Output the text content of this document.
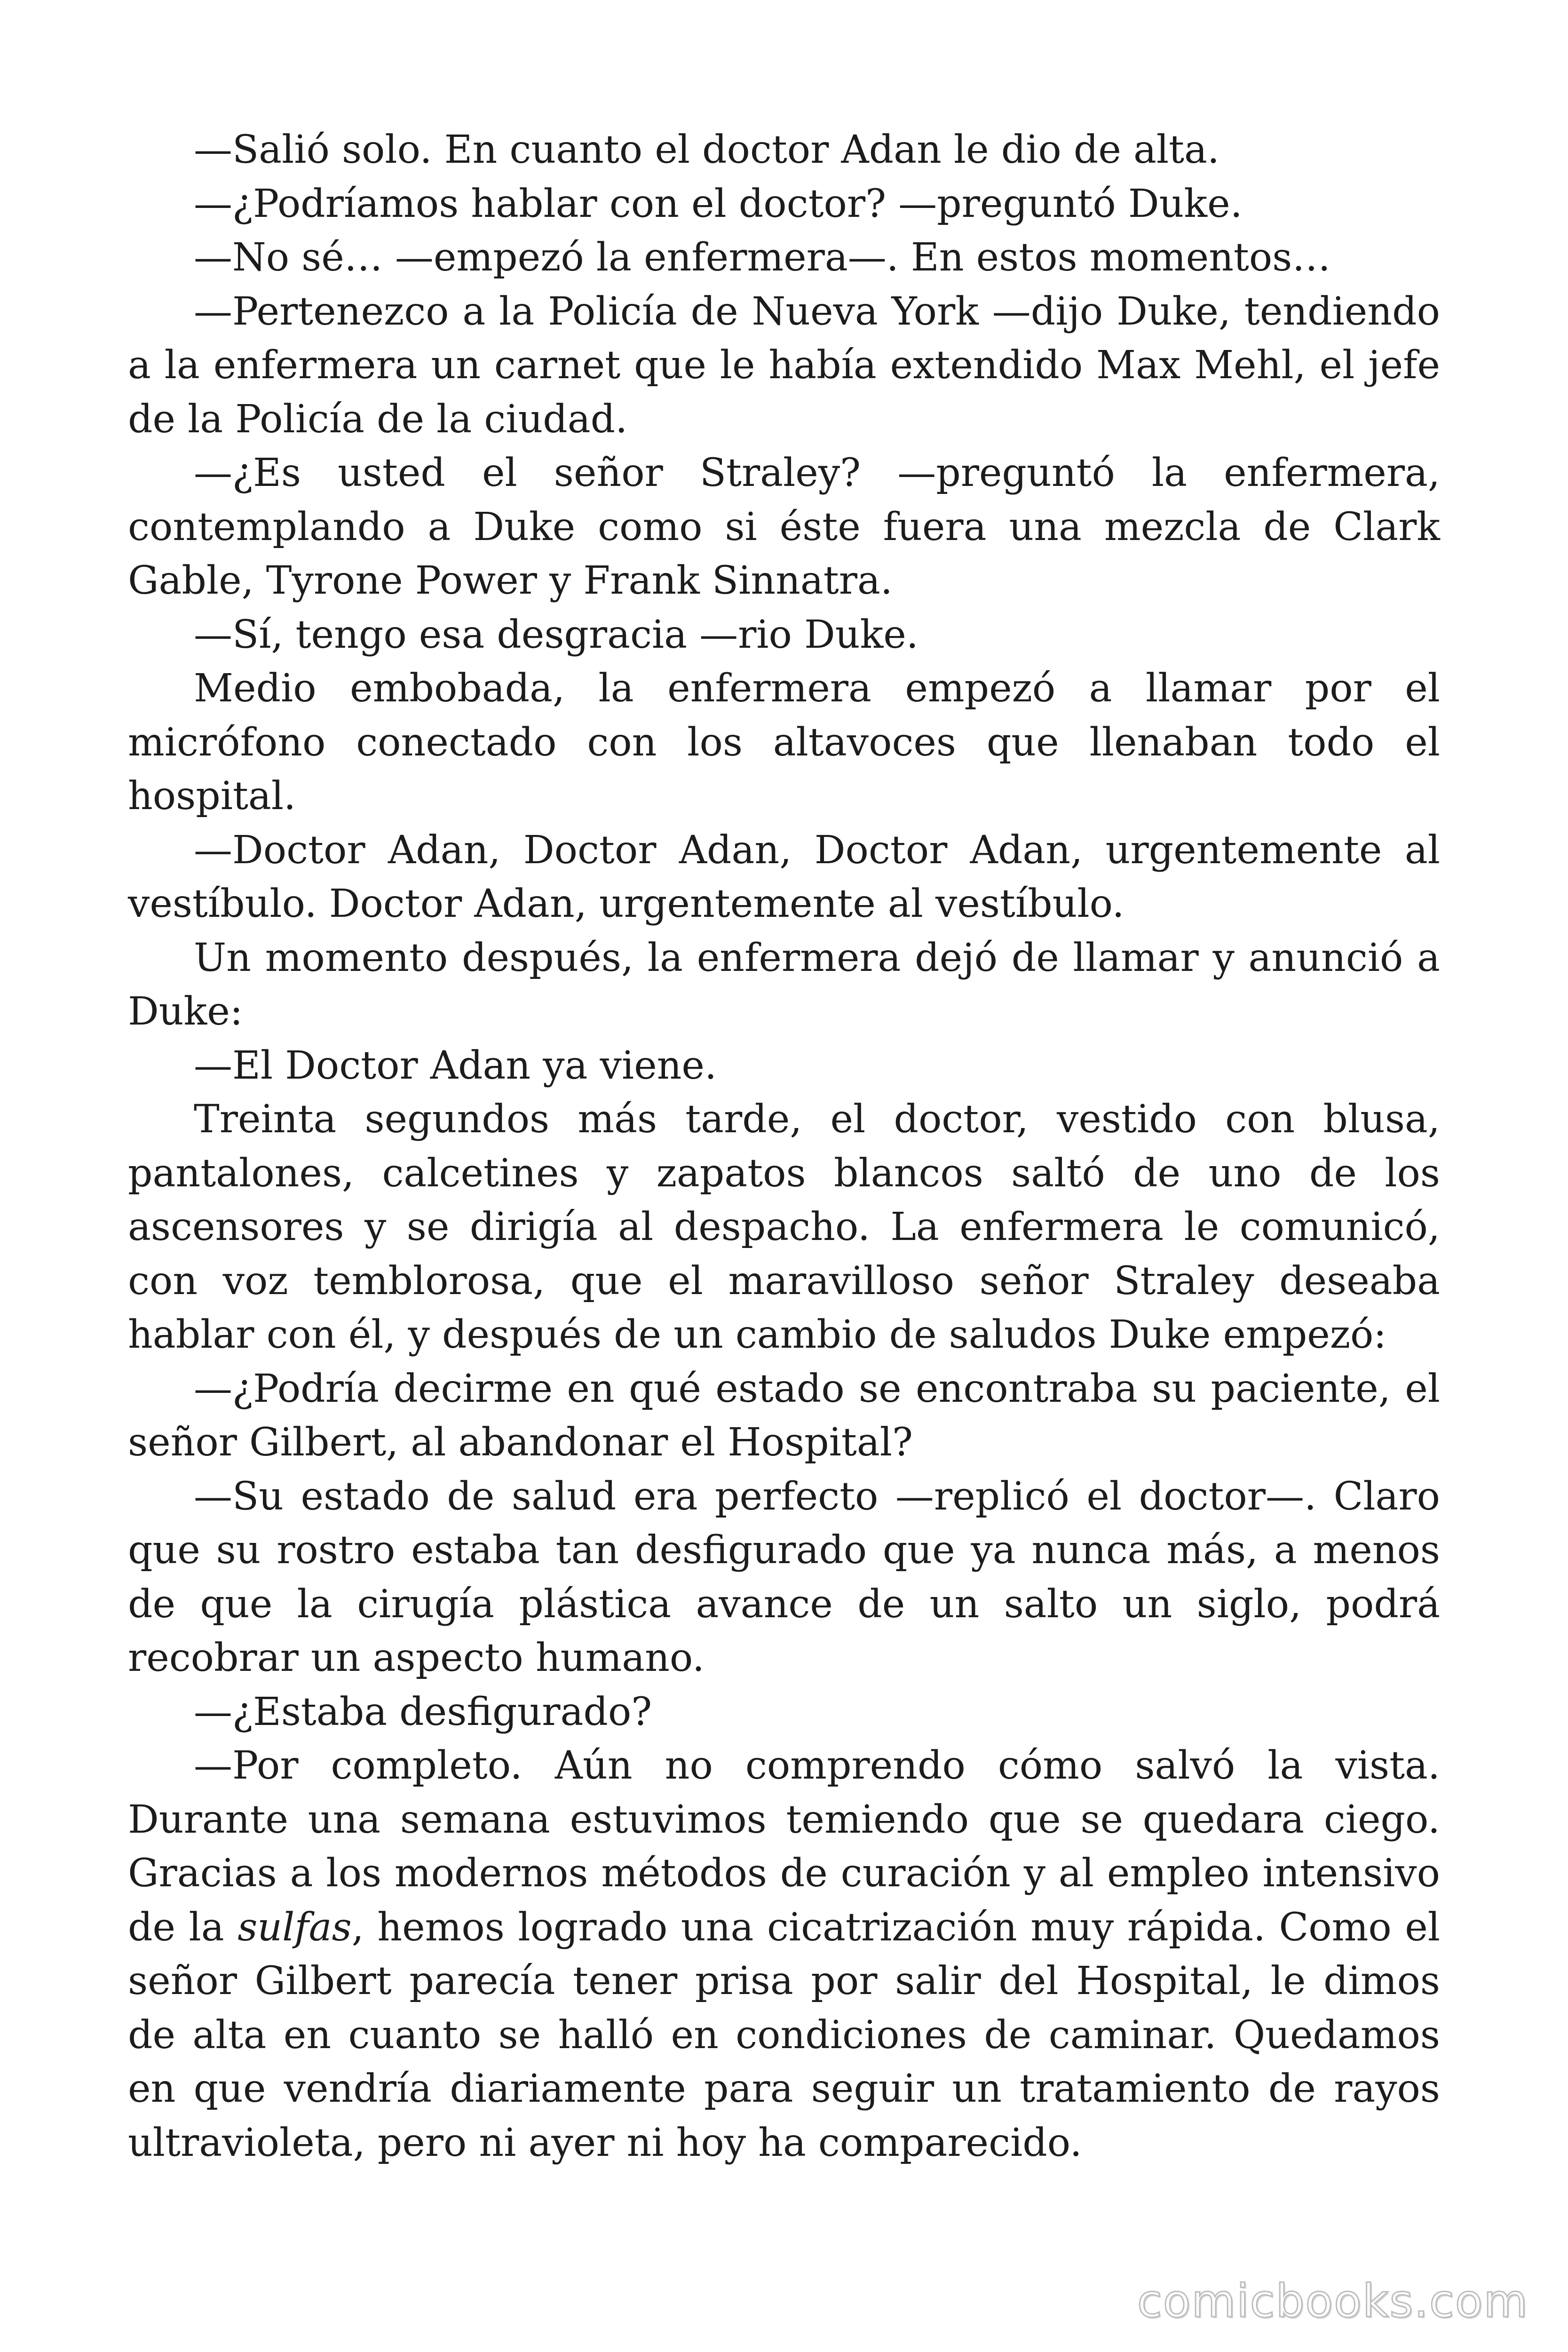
—Salió solo. En cuanto el doctor Adan le dio de alta.

—¿Podríamos hablar con el doctor? —preguntó Duke.

—No sé… —empezó la enfermera—. En estos momentos…

—Pertenezco a la Policía de Nueva York —dijo Duke, tendiendo a la enfermera un carnet que le había extendido Max Mehl, el jefe de la Policía de la ciudad.

—¿Es usted el señor Straley? —preguntó la enfermera, contemplando a Duke como si éste fuera una mezcla de Clark Gable, Tyrone Power y Frank Sinnatra.

—Sí, tengo esa desgracia —rio Duke.

Medio embobada, la enfermera empezó a llamar por el micrófono conectado con los altavoces que llenaban todo el hospital.

—Doctor Adan, Doctor Adan, Doctor Adan, urgentemente al vestíbulo. Doctor Adan, urgentemente al vestíbulo.

Un momento después, la enfermera dejó de llamar y anunció a Duke:

—El Doctor Adan ya viene.

Treinta segundos más tarde, el doctor, vestido con blusa, pantalones, calcetines y zapatos blancos saltó de uno de los ascensores y se dirigía al despacho. La enfermera le comunicó, con voz temblorosa, que el maravilloso señor Straley deseaba hablar con él, y después de un cambio de saludos Duke empezó:

—¿Podría decirme en qué estado se encontraba su paciente, el señor Gilbert, al abandonar el Hospital?

—Su estado de salud era perfecto —replicó el doctor—. Claro que su rostro estaba tan desfigurado que ya nunca más, a menos de que la cirugía plástica avance de un salto un siglo, podrá recobrar un aspecto humano.

—¿Estaba desfigurado?

—Por completo. Aún no comprendo cómo salvó la vista. Durante una semana estuvimos temiendo que se quedara ciego. Gracias a los modernos métodos de curación y al empleo intensivo de la sulfas, hemos logrado una cicatrización muy rápida. Como el señor Gilbert parecía tener prisa por salir del Hospital, le dimos de alta en cuanto se halló en condiciones de caminar. Quedamos en que vendría diariamente para seguir un tratamiento de rayos ultravioleta, pero ni ayer ni hoy ha comparecido.

comicbooks.com
